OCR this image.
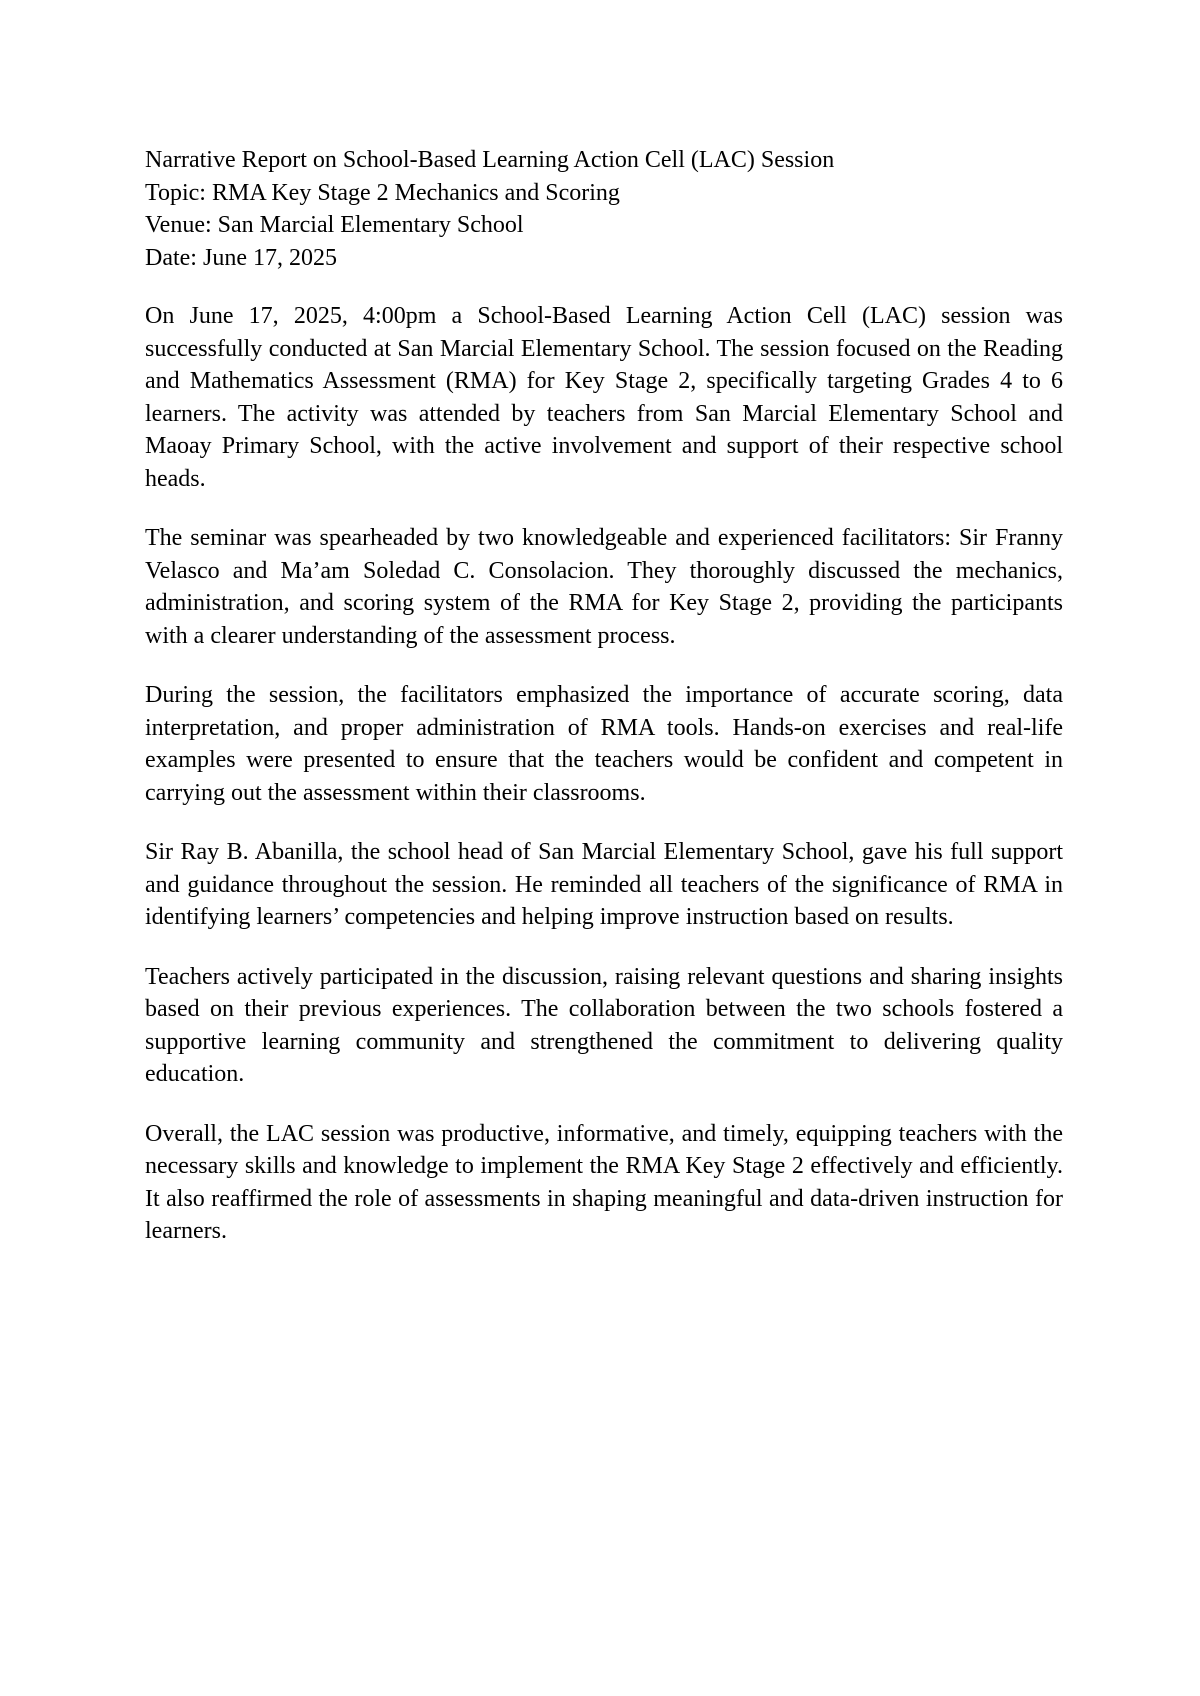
Narrative Report on School-Based Learning Action Cell (LAC) Session
Topic: RMA Key Stage 2 Mechanics and Scoring
Venue: San Marcial Elementary School
Date: June 17, 2025

On June 17, 2025, 4:00pm a School-Based Learning Action Cell (LAC) session was successfully conducted at San Marcial Elementary School. The session focused on the Reading and Mathematics Assessment (RMA) for Key Stage 2, specifically targeting Grades 4 to 6 learners. The activity was attended by teachers from San Marcial Elementary School and Maoay Primary School, with the active involvement and support of their respective school heads.

The seminar was spearheaded by two knowledgeable and experienced facilitators: Sir Franny Velasco and Ma’am Soledad C. Consolacion. They thoroughly discussed the mechanics, administration, and scoring system of the RMA for Key Stage 2, providing the participants with a clearer understanding of the assessment process.

During the session, the facilitators emphasized the importance of accurate scoring, data interpretation, and proper administration of RMA tools. Hands-on exercises and real-life examples were presented to ensure that the teachers would be confident and competent in carrying out the assessment within their classrooms.

Sir Ray B. Abanilla, the school head of San Marcial Elementary School, gave his full support and guidance throughout the session. He reminded all teachers of the significance of RMA in identifying learners’ competencies and helping improve instruction based on results.

Teachers actively participated in the discussion, raising relevant questions and sharing insights based on their previous experiences. The collaboration between the two schools fostered a supportive learning community and strengthened the commitment to delivering quality education.

Overall, the LAC session was productive, informative, and timely, equipping teachers with the necessary skills and knowledge to implement the RMA Key Stage 2 effectively and efficiently. It also reaffirmed the role of assessments in shaping meaningful and data-driven instruction for learners.
